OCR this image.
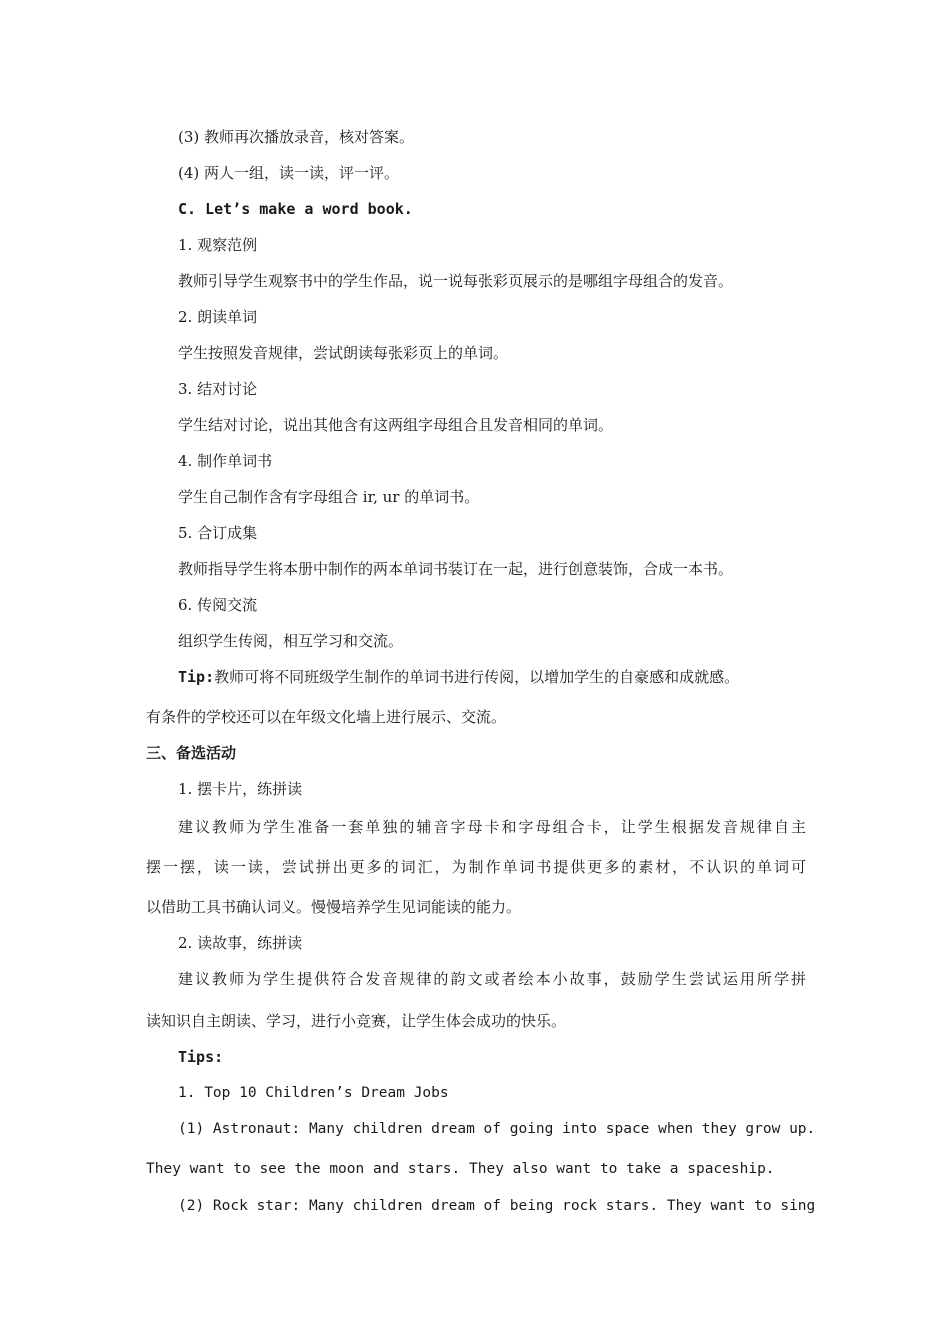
(3) 教师再次播放录音，核对答案。
(4) 两人一组，读一读，评一评。
C. Let’s make a word book.
1. 观察范例
教师引导学生观察书中的学生作品，说一说每张彩页展示的是哪组字母组合的发音。
2. 朗读单词
学生按照发音规律，尝试朗读每张彩页上的单词。
3. 结对讨论
学生结对讨论，说出其他含有这两组字母组合且发音相同的单词。
4. 制作单词书
学生自己制作含有字母组合 ir, ur 的单词书。
5. 合订成集
教师指导学生将本册中制作的两本单词书装订在一起，进行创意装饰，合成一本书。
6. 传阅交流
组织学生传阅，相互学习和交流。
Tip:教师可将不同班级学生制作的单词书进行传阅，以增加学生的自豪感和成就感。
有条件的学校还可以在年级文化墙上进行展示、交流。
三、备选活动
1. 摆卡片，练拼读
建议教师为学生准备一套单独的辅音字母卡和字母组合卡，让学生根据发音规律自主
摆一摆，读一读，尝试拼出更多的词汇，为制作单词书提供更多的素材，不认识的单词可
以借助工具书确认词义。慢慢培养学生见词能读的能力。
2. 读故事，练拼读
建议教师为学生提供符合发音规律的韵文或者绘本小故事，鼓励学生尝试运用所学拼
读知识自主朗读、学习，进行小竞赛，让学生体会成功的快乐。
Tips:
1. Top 10 Children’s Dream Jobs
(1) Astronaut: Many children dream of going into space when they grow up.
They want to see the moon and stars. They also want to take a spaceship.
(2) Rock star: Many children dream of being rock stars. They want to sing
